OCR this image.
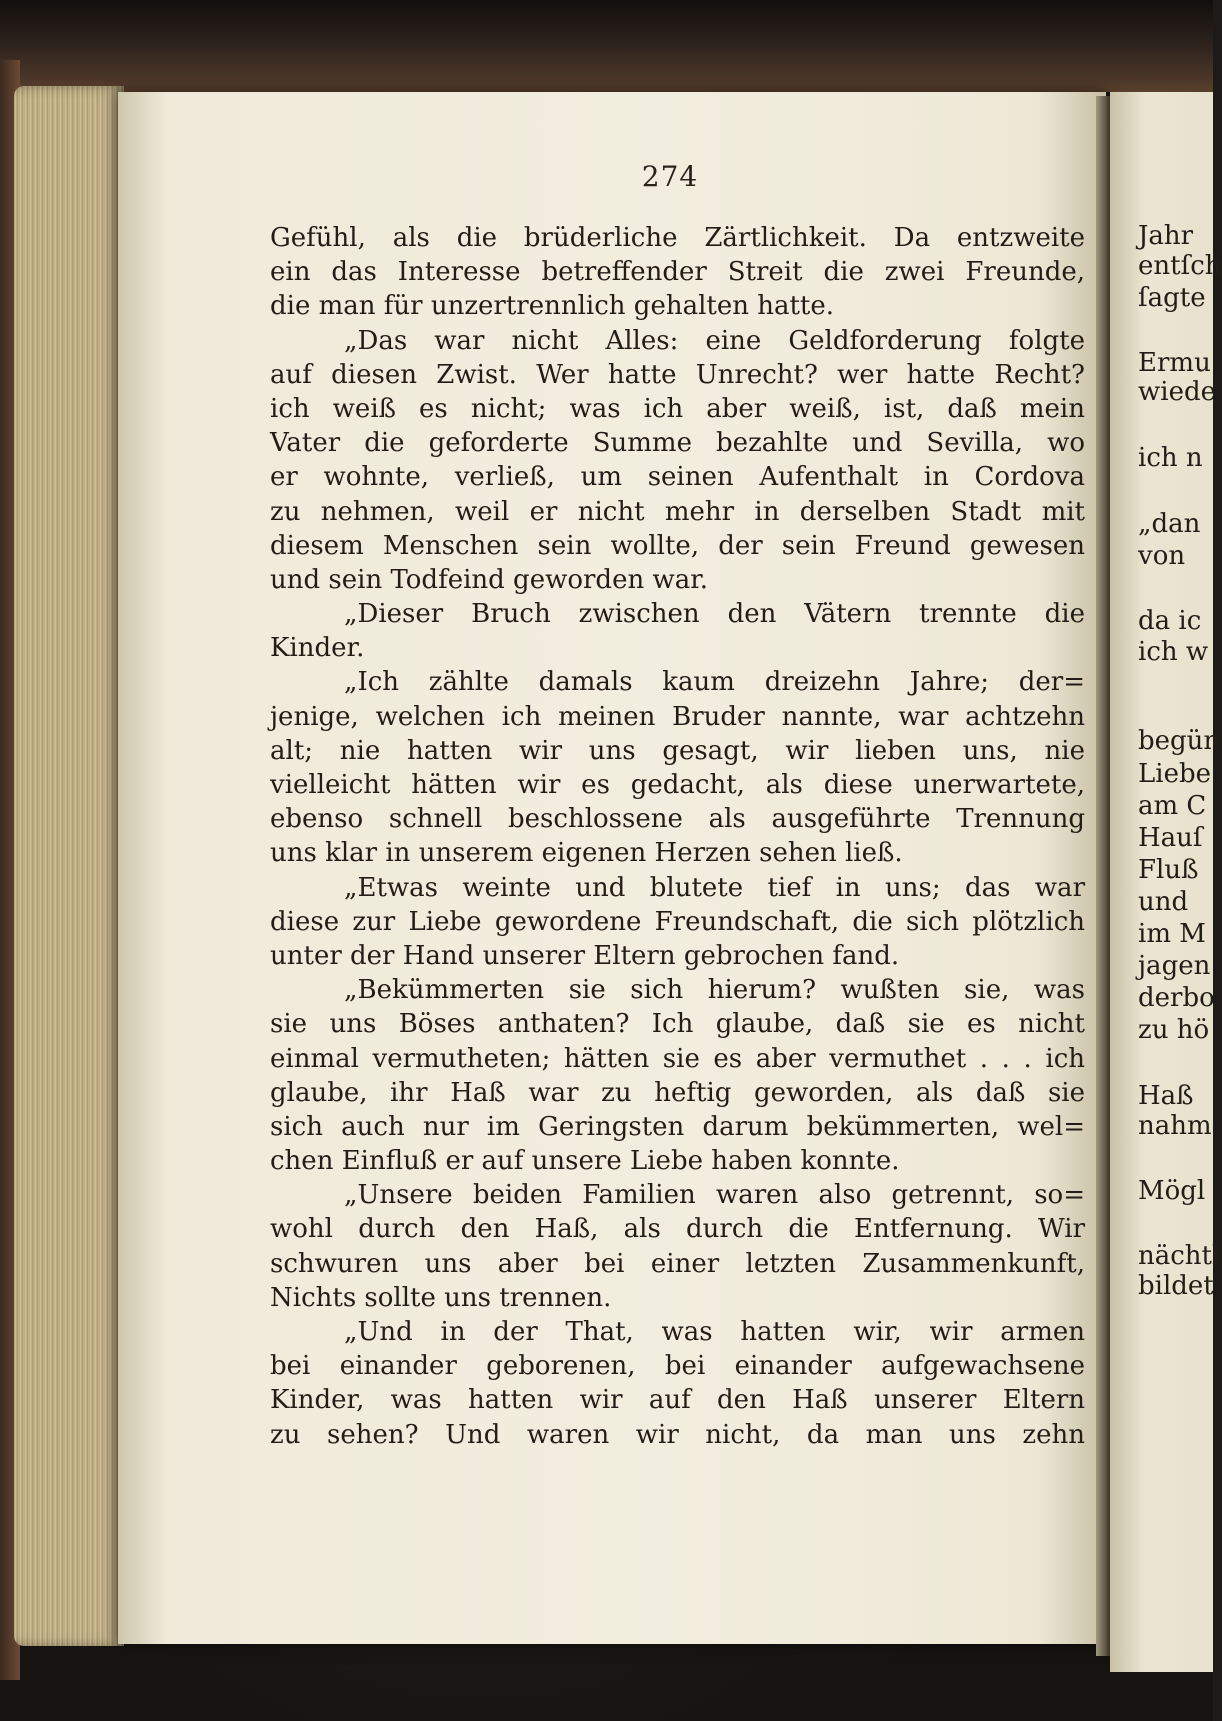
274
Gefühl, als die brüderliche Zärtlichkeit. Da entzweite
ein das Interesse betreffender Streit die zwei Freunde,
die man für unzertrennlich gehalten hatte.
„Das war nicht Alles: eine Geldforderung folgte
auf diesen Zwist. Wer hatte Unrecht? wer hatte Recht?
ich weiß es nicht; was ich aber weiß, ist, daß mein
Vater die geforderte Summe bezahlte und Sevilla, wo
er wohnte, verließ, um seinen Aufenthalt in Cordova
zu nehmen, weil er nicht mehr in derselben Stadt mit
diesem Menschen sein wollte, der sein Freund gewesen
und sein Todfeind geworden war.
„Dieser Bruch zwischen den Vätern trennte die
Kinder.
„Ich zählte damals kaum dreizehn Jahre; der=
jenige, welchen ich meinen Bruder nannte, war achtzehn
alt; nie hatten wir uns gesagt, wir lieben uns, nie
vielleicht hätten wir es gedacht, als diese unerwartete,
ebenso schnell beschlossene als ausgeführte Trennung
uns klar in unserem eigenen Herzen sehen ließ.
„Etwas weinte und blutete tief in uns; das war
diese zur Liebe gewordene Freundschaft, die sich plötzlich
unter der Hand unserer Eltern gebrochen fand.
„Bekümmerten sie sich hierum? wußten sie, was
sie uns Böses anthaten? Ich glaube, daß sie es nicht
einmal vermutheten; hätten sie es aber vermuthet . . . ich
glaube, ihr Haß war zu heftig geworden, als daß sie
sich auch nur im Geringsten darum bekümmerten, wel=
chen Einfluß er auf unsere Liebe haben konnte.
„Unsere beiden Familien waren also getrennt, so=
wohl durch den Haß, als durch die Entfernung. Wir
schwuren uns aber bei einer letzten Zusammenkunft,
Nichts sollte uns trennen.
„Und in der That, was hatten wir, wir armen
bei einander geborenen, bei einander aufgewachsene
Kinder, was hatten wir auf den Haß unserer Eltern
zu sehen? Und waren wir nicht, da man uns zehn
Jahr
entſch
ſagte
Ermu
wiede
ich n
„dan
von
da ic
ich w
begün
Liebe
am C
Hauſ
Fluß
und
im M
jagen
derbo
zu hö
Haß
nahm
Mögl
nächtl
bildet
